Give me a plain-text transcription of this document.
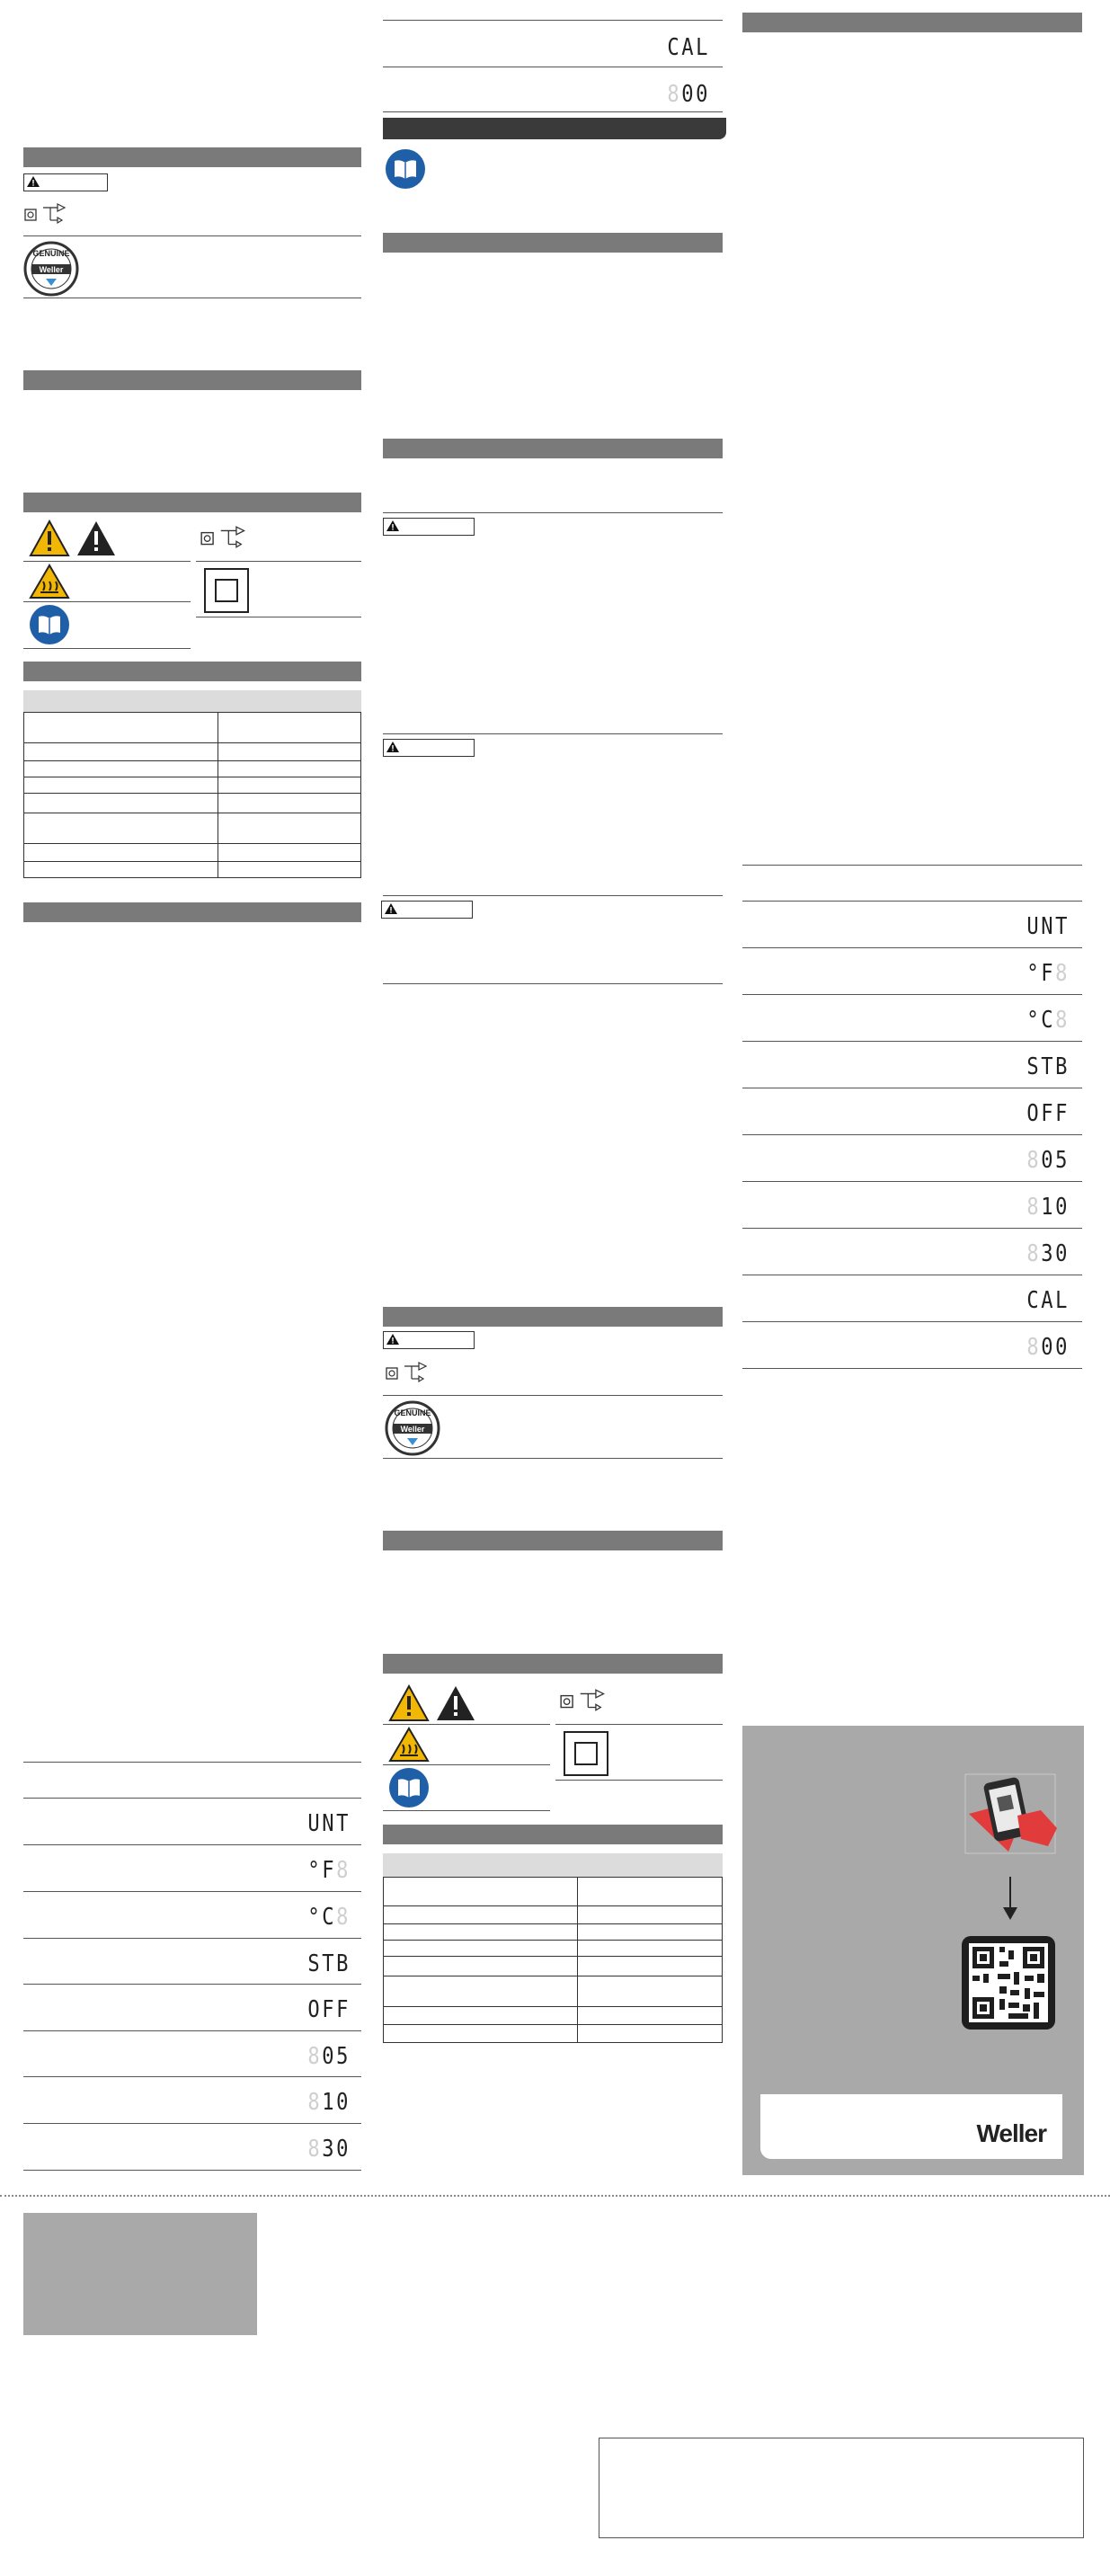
GENUINE
Weller
UNT
°F8
°C8
STB
OFF
805
810
830
CAL
800
GENUINE
Weller
UNT
°F8
°C8
STB
OFF
805
810
830
CAL
800
Weller
